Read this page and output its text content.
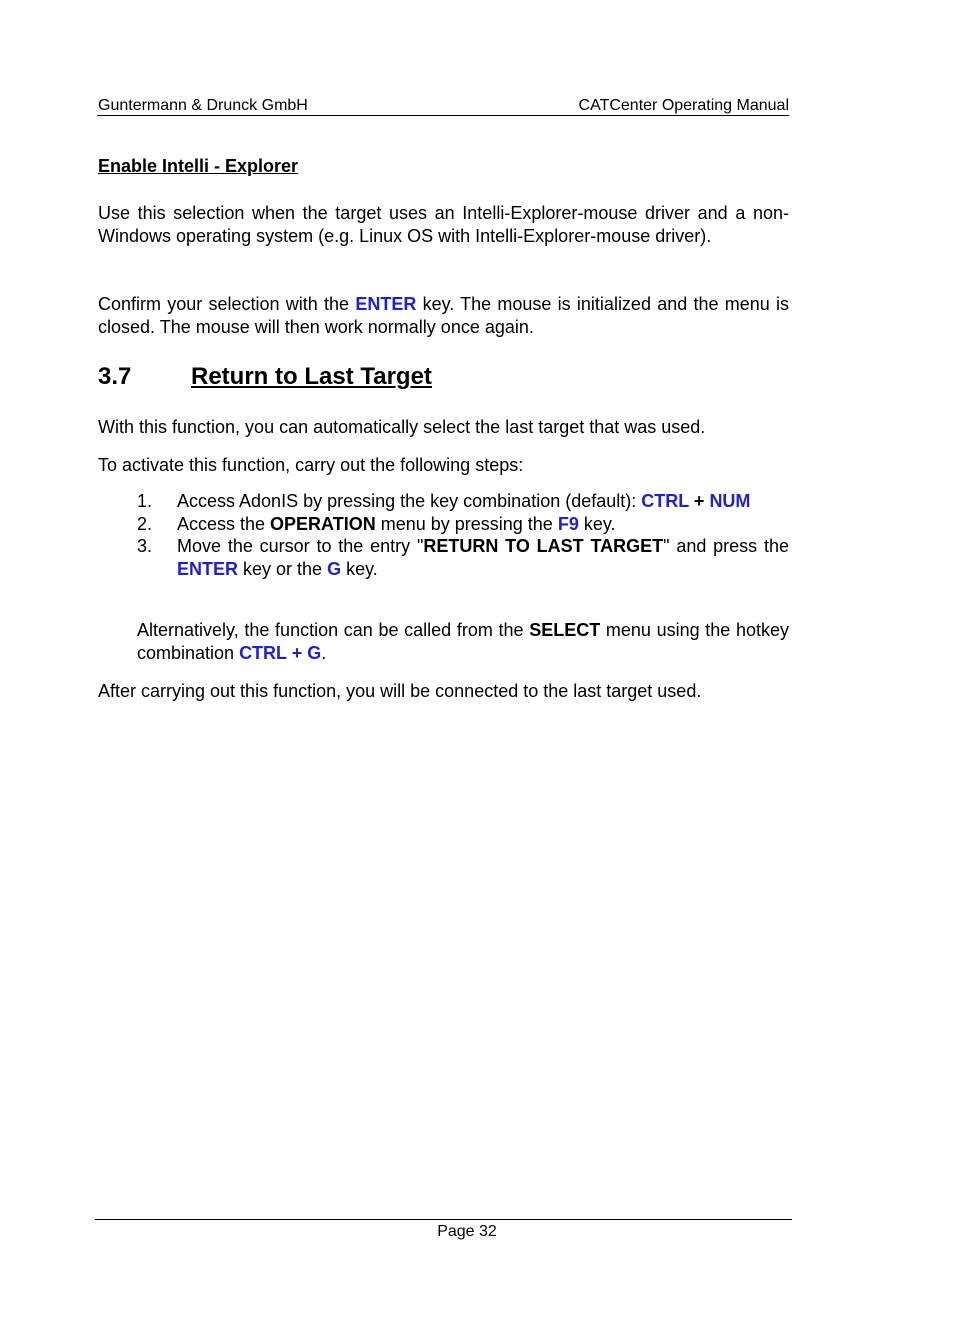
Guntermann & Drunck GmbH	CATCenter Operating Manual
Enable Intelli - Explorer
Use this selection when the target uses an Intelli-Explorer-mouse driver and a non-Windows operating system (e.g. Linux OS with Intelli-Explorer-mouse driver).
Confirm your selection with the ENTER key. The mouse is initialized and the menu is closed. The mouse will then work normally once again.
3.7 Return to Last Target
With this function, you can automatically select the last target that was used.
To activate this function, carry out the following steps:
1. Access AdonIS by pressing the key combination (default): CTRL + NUM
2. Access the OPERATION menu by pressing the F9 key.
3. Move the cursor to the entry "RETURN TO LAST TARGET" and press the ENTER key or the G key.
Alternatively, the function can be called from the SELECT menu using the hotkey combination CTRL + G.
After carrying out this function, you will be connected to the last target used.
Page 32
